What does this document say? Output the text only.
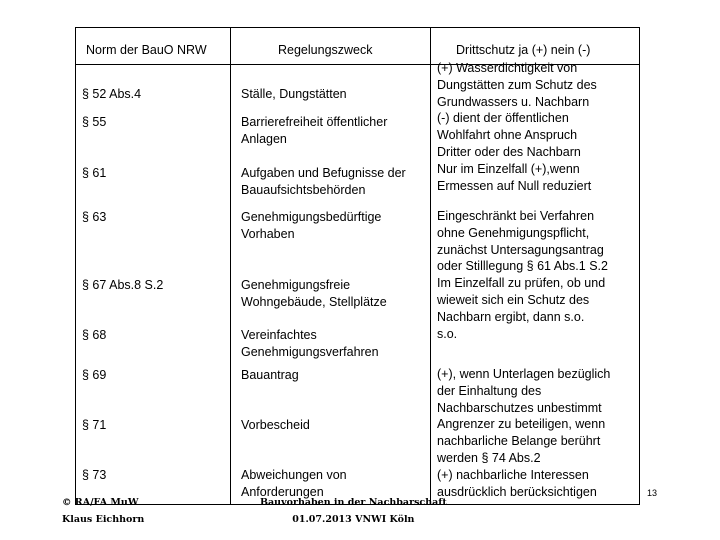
Norm der BauO NRW	Regelungszweck	Drittschutz ja (+) nein (-)
§ 52 Abs.4
§ 55
§ 61
§ 63
§ 67 Abs.8 S.2
§ 68
§ 69
§ 71
§ 73
Ställe, Dungstätten
Barrierefreiheit öffentlicher
Anlagen
Aufgaben und Befugnisse der
Bauaufsichtsbehörden
Genehmigungsbedürftige
Vorhaben
Genehmigungsfreie
Wohngebäude, Stellplätze
Vereinfachtes
Genehmigungsverfahren
Bauantrag
Vorbescheid
Abweichungen von
Anforderungen
(+) Wasserdichtigkeit von
Dungstätten zum Schutz des
Grundwassers u. Nachbarn
(-) dient der öffentlichen
Wohlfahrt ohne Anspruch
Dritter oder des Nachbarn
Nur im Einzelfall (+),wenn
Ermessen auf Null reduziert
Eingeschränkt bei Verfahren
ohne Genehmigungspflicht,
zunächst Untersagungsantrag
oder Stilllegung § 61 Abs.1 S.2
Im Einzelfall zu prüfen, ob und
wieweit sich ein Schutz des
Nachbarn ergibt, dann s.o.
s.o.
(+), wenn Unterlagen bezüglich
der Einhaltung des
Nachbarschutzes unbestimmt
Angrenzer zu beteiligen, wenn
nachbarliche Belange berührt
werden § 74 Abs.2
(+) nachbarliche Interessen
ausdrücklich berücksichtigen
© RA/FA MuW
Klaus Eichhorn
Bauvorhaben in der Nachbarschaft
01.07.2013 VNWI Köln
13
